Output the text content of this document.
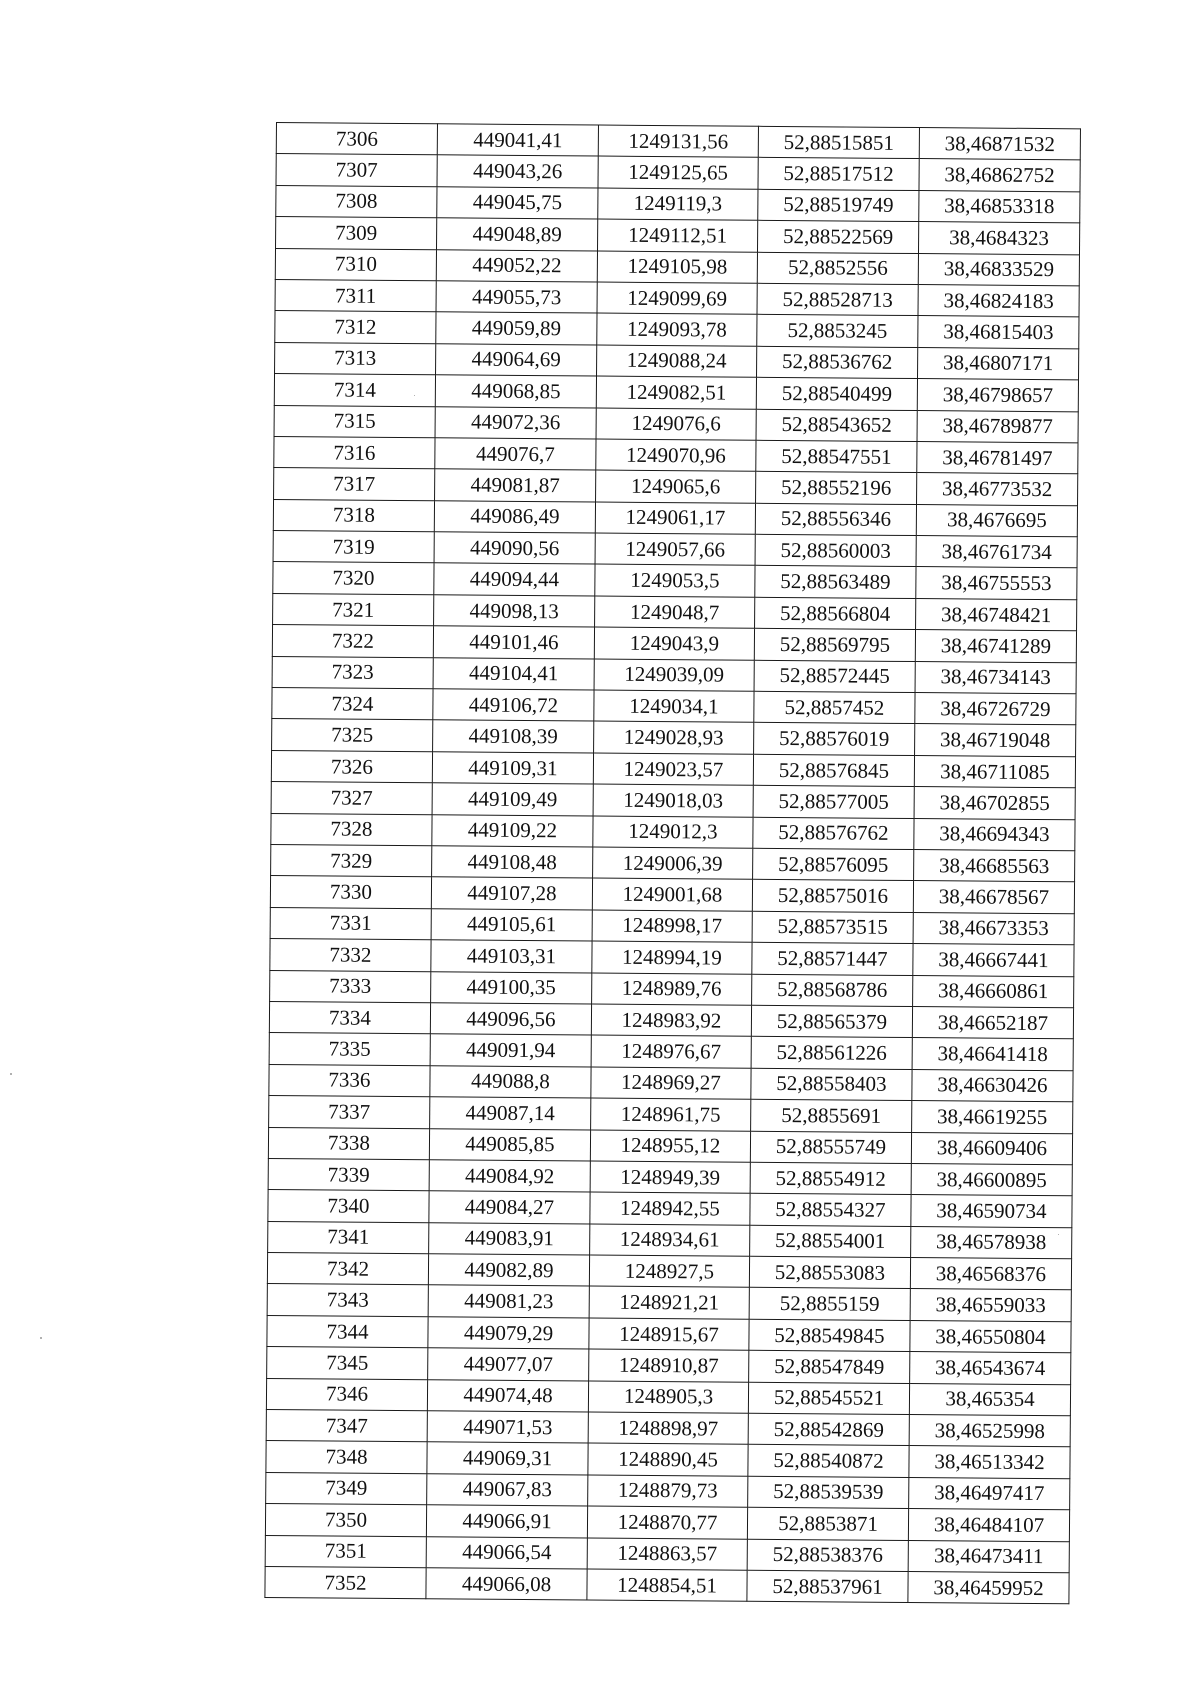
7306	449041,41	1249131,56	52,88515851	38,46871532
7307	449043,26	1249125,65	52,88517512	38,46862752
7308	449045,75	1249119,3	52,88519749	38,46853318
7309	449048,89	1249112,51	52,88522569	38,4684323
7310	449052,22	1249105,98	52,8852556	38,46833529
7311	449055,73	1249099,69	52,88528713	38,46824183
7312	449059,89	1249093,78	52,8853245	38,46815403
7313	449064,69	1249088,24	52,88536762	38,46807171
7314	449068,85	1249082,51	52,88540499	38,46798657
7315	449072,36	1249076,6	52,88543652	38,46789877
7316	449076,7	1249070,96	52,88547551	38,46781497
7317	449081,87	1249065,6	52,88552196	38,46773532
7318	449086,49	1249061,17	52,88556346	38,4676695
7319	449090,56	1249057,66	52,88560003	38,46761734
7320	449094,44	1249053,5	52,88563489	38,46755553
7321	449098,13	1249048,7	52,88566804	38,46748421
7322	449101,46	1249043,9	52,88569795	38,46741289
7323	449104,41	1249039,09	52,88572445	38,46734143
7324	449106,72	1249034,1	52,8857452	38,46726729
7325	449108,39	1249028,93	52,88576019	38,46719048
7326	449109,31	1249023,57	52,88576845	38,46711085
7327	449109,49	1249018,03	52,88577005	38,46702855
7328	449109,22	1249012,3	52,88576762	38,46694343
7329	449108,48	1249006,39	52,88576095	38,46685563
7330	449107,28	1249001,68	52,88575016	38,46678567
7331	449105,61	1248998,17	52,88573515	38,46673353
7332	449103,31	1248994,19	52,88571447	38,46667441
7333	449100,35	1248989,76	52,88568786	38,46660861
7334	449096,56	1248983,92	52,88565379	38,46652187
7335	449091,94	1248976,67	52,88561226	38,46641418
7336	449088,8	1248969,27	52,88558403	38,46630426
7337	449087,14	1248961,75	52,8855691	38,46619255
7338	449085,85	1248955,12	52,88555749	38,46609406
7339	449084,92	1248949,39	52,88554912	38,46600895
7340	449084,27	1248942,55	52,88554327	38,46590734
7341	449083,91	1248934,61	52,88554001	38,46578938
7342	449082,89	1248927,5	52,88553083	38,46568376
7343	449081,23	1248921,21	52,8855159	38,46559033
7344	449079,29	1248915,67	52,88549845	38,46550804
7345	449077,07	1248910,87	52,88547849	38,46543674
7346	449074,48	1248905,3	52,88545521	38,465354
7347	449071,53	1248898,97	52,88542869	38,46525998
7348	449069,31	1248890,45	52,88540872	38,46513342
7349	449067,83	1248879,73	52,88539539	38,46497417
7350	449066,91	1248870,77	52,8853871	38,46484107
7351	449066,54	1248863,57	52,88538376	38,46473411
7352	449066,08	1248854,51	52,88537961	38,46459952
